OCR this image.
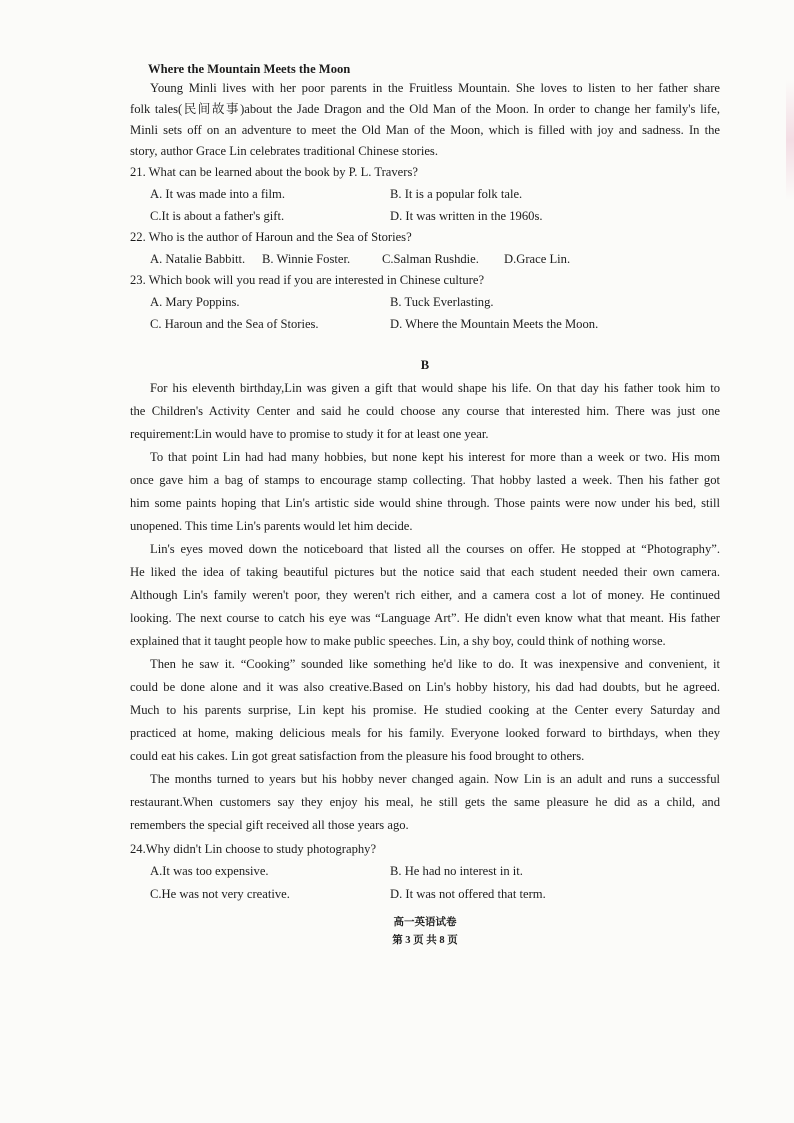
Where the Mountain Meets the Moon
Young Minli lives with her poor parents in the Fruitless Mountain. She loves to listen to her father share
folk tales(民间故事)about the Jade Dragon and the Old Man of the Moon. In order to change her family's life,
Minli sets off on an adventure to meet the Old Man of the Moon, which is filled with joy and sadness. In the
story, author Grace Lin celebrates traditional Chinese stories.
21. What can be learned about the book by P. L. Travers?
A. It was made into a film.	B. It is a popular folk tale.
C.It is about a father's gift.	D. It was written in the 1960s.
22. Who is the author of Haroun and the Sea of Stories?
A. Natalie Babbitt.	B. Winnie Foster.	C.Salman Rushdie.	D.Grace Lin.
23. Which book will you read if you are interested in Chinese culture?
A. Mary Poppins.	B. Tuck Everlasting.
C. Haroun and the Sea of Stories.	D. Where the Mountain Meets the Moon.
B
For his eleventh birthday,Lin was given a gift that would shape his life. On that day his father took him to
the Children's Activity Center and said he could choose any course that interested him. There was just one
requirement:Lin would have to promise to study it for at least one year.
To that point Lin had had many hobbies, but none kept his interest for more than a week or two. His mom
once gave him a bag of stamps to encourage stamp collecting. That hobby lasted a week. Then his father got
him some paints hoping that Lin's artistic side would shine through. Those paints were now under his bed, still
unopened. This time Lin's parents would let him decide.
Lin's eyes moved down the noticeboard that listed all the courses on offer. He stopped at “Photography”.
He liked the idea of taking beautiful pictures but the notice said that each student needed their own camera.
Although Lin's family weren't poor, they weren't rich either, and a camera cost a lot of money. He continued
looking. The next course to catch his eye was “Language Art”. He didn't even know what that meant. His father
explained that it taught people how to make public speeches. Lin, a shy boy, could think of nothing worse.
Then he saw it. “Cooking” sounded like something he'd like to do. It was inexpensive and convenient, it
could be done alone and it was also creative.Based on Lin's hobby history, his dad had doubts, but he agreed.
Much to his parents surprise, Lin kept his promise. He studied cooking at the Center every Saturday and
practiced at home, making delicious meals for his family. Everyone looked forward to birthdays, when they
could eat his cakes. Lin got great satisfaction from the pleasure his food brought to others.
The months turned to years but his hobby never changed again. Now Lin is an adult and runs a successful
restaurant.When customers say they enjoy his meal, he still gets the same pleasure he did as a child, and
remembers the special gift received all those years ago.
24.Why didn't Lin choose to study photography?
A.It was too expensive.	B. He had no interest in it.
C.He was not very creative.	D. It was not offered that term.
高一英语试卷
第 3 页 共 8 页
